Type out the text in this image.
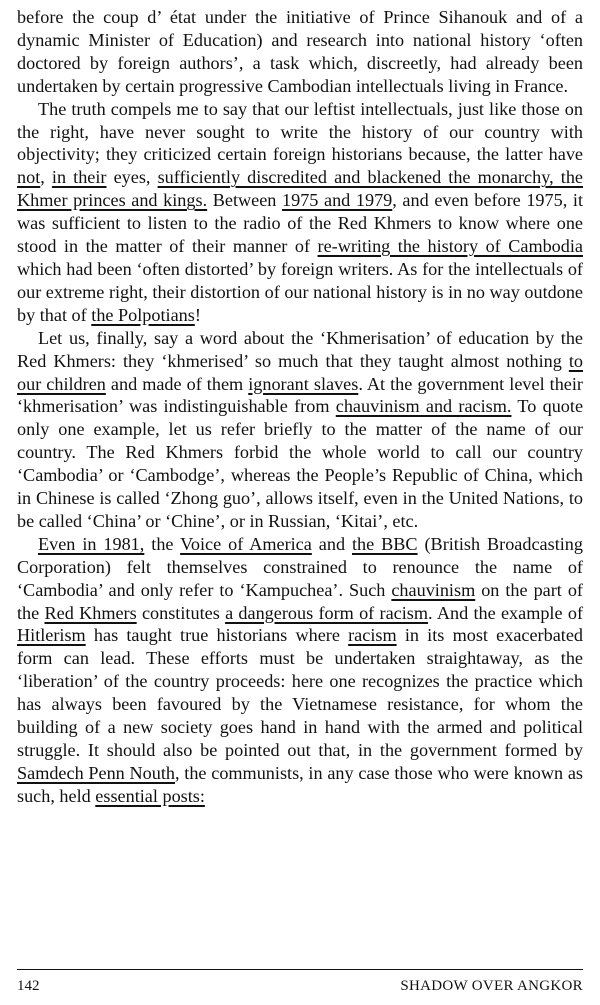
before the coup d’ état under the initiative of Prince Sihanouk and of a dynamic Minister of Education) and research into national history ‘often doctored by foreign authors’, a task which, discreetly, had already been undertaken by certain progressive Cambodian intellectuals living in France.

The truth compels me to say that our leftist intellectuals, just like those on the right, have never sought to write the history of our country with objectivity; they criticized certain foreign historians because, the latter have not, in their eyes, sufficiently discredited and blackened the monarchy, the Khmer princes and kings. Between 1975 and 1979, and even before 1975, it was sufficient to listen to the radio of the Red Khmers to know where one stood in the matter of their manner of re-writing the history of Cambodia which had been ‘often distorted’ by foreign writers. As for the intellectuals of our extreme right, their distortion of our national history is in no way outdone by that of the Polpotians!

Let us, finally, say a word about the ‘Khmerisation’ of education by the Red Khmers: they ‘khmerised’ so much that they taught almost nothing to our children and made of them ignorant slaves. At the government level their ‘khmerisation’ was indistinguishable from chauvinism and racism. To quote only one example, let us refer briefly to the matter of the name of our country. The Red Khmers forbid the whole world to call our country ‘Cambodia’ or ‘Cambodge’, whereas the People’s Republic of China, which in Chinese is called ‘Zhong guo’, allows itself, even in the United Nations, to be called ‘China’ or ‘Chine’, or in Russian, ‘Kitai’, etc.

Even in 1981, the Voice of America and the BBC (British Broadcasting Corporation) felt themselves constrained to renounce the name of ‘Cambodia’ and only refer to ‘Kampuchea’. Such chauvinism on the part of the Red Khmers constitutes a dangerous form of racism. And the example of Hitlerism has taught true historians where racism in its most exacerbated form can lead. These efforts must be undertaken straightaway, as the ‘liberation’ of the country proceeds: here one recognizes the practice which has always been favoured by the Vietnamese resistance, for whom the building of a new society goes hand in hand with the armed and political struggle. It should also be pointed out that, in the government formed by Samdech Penn Nouth, the communists, in any case those who were known as such, held essential posts:

142	SHADOW OVER ANGKOR
